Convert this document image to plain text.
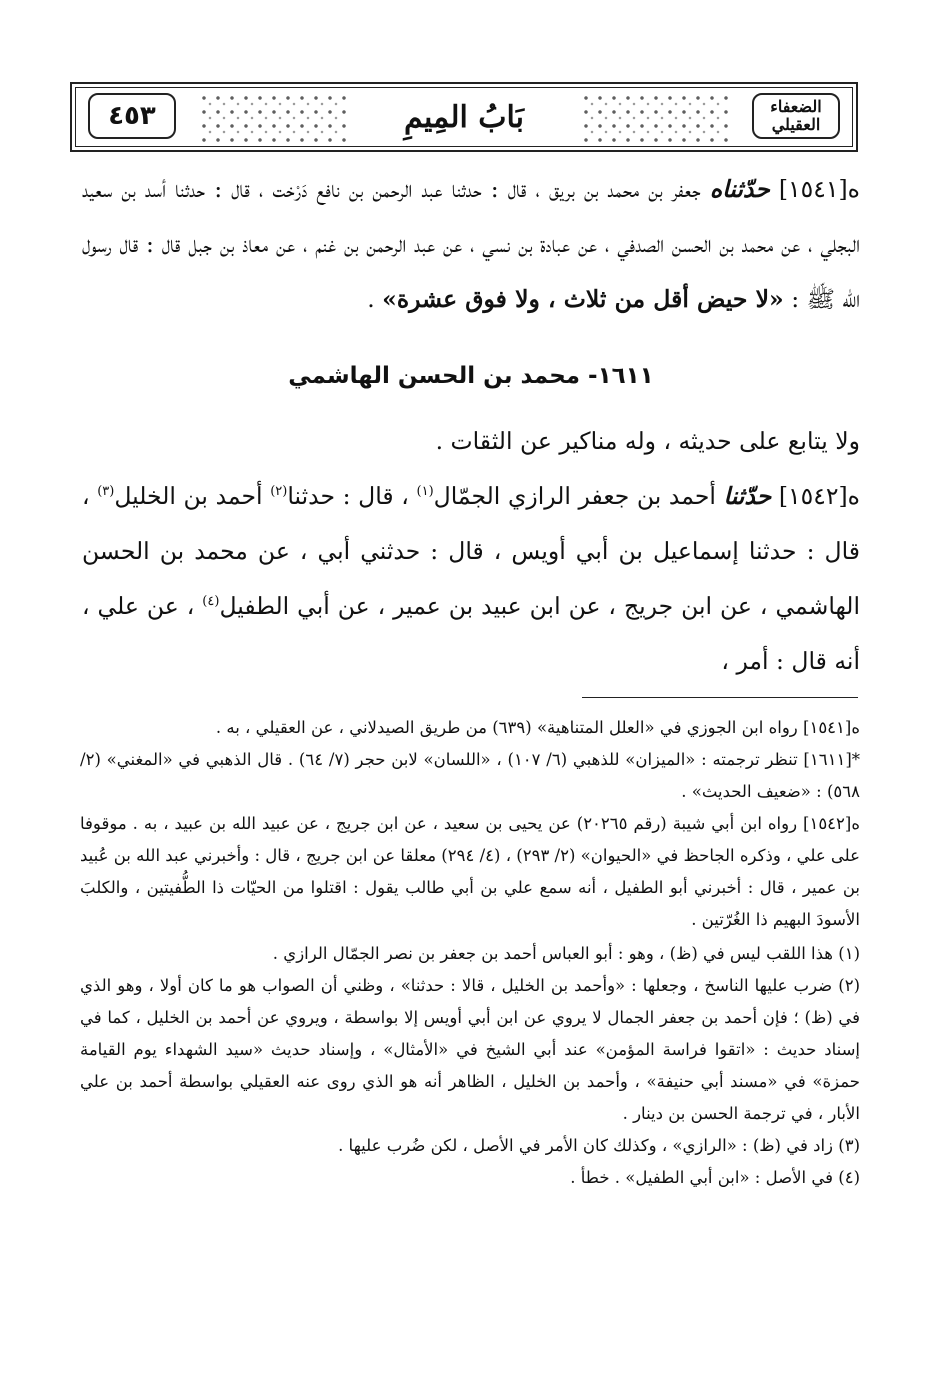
٤٥٣	بَابُ المِيمِ	الضعفاء العقيلي

ه[١٥٤١] حدّثناه جعفر بن محمد بن بريق ، قال : حدثنا عبد الرحمن بن نافع دَرْخت ، قال : حدثنا أسد بن سعيد البجلي ، عن محمد بن الحسن الصدفي ، عن عبادة بن نسي ، عن عبد الرحمن بن غنم ، عن معاذ بن جبل قال : قال رسول الله ﷺ : «لا حيض أقل من ثلاث ، ولا فوق عشرة» .

١٦١١- محمد بن الحسن الهاشمي

ولا يتابع على حديثه ، وله مناكير عن الثقات .

ه[١٥٤٢] حدّثنا أحمد بن جعفر الرازي الجمّال$^{(١)}$ ، قال : حدثنا$^{(٢)}$ أحمد بن الخليل$^{(٣)}$ ، قال : حدثنا إسماعيل بن أبي أويس ، قال : حدثني أبي ، عن محمد بن الحسن الهاشمي ، عن ابن جريج ، عن ابن عبيد بن عمير ، عن أبي الطفيل$^{(٤)}$ ، عن علي ، أنه قال : أمر ،

ه[١٥٤١] رواه ابن الجوزي في «العلل المتناهية» (٦٣٩) من طريق الصيدلاني ، عن العقيلي ، به .

*[١٦١١] تنظر ترجمته : «الميزان» للذهبي (٦/ ١٠٧) ، «اللسان» لابن حجر (٧/ ٦٤) . قال الذهبي في «المغني» (٢/ ٥٦٨) : «ضعيف الحديث» .

ه[١٥٤٢] رواه ابن أبي شيبة (رقم ٢٠٢٦٥) عن يحيى بن سعيد ، عن ابن جريج ، عن عبيد الله بن عبيد ، به . موقوفا على علي ، وذكره الجاحظ في «الحيوان» (٢/ ٢٩٣) ، (٤/ ٢٩٤) معلقا عن ابن جريج ، قال : وأخبرني عبد الله بن عُبيد بن عمير ، قال : أخبرني أبو الطفيل ، أنه سمع علي بن أبي طالب يقول : اقتلوا من الحيّات ذا الطُّفيتين ، والكلبَ الأسودَ البهيم ذا الغُرّتين .

(١) هذا اللقب ليس في (ظ) ، وهو : أبو العباس أحمد بن جعفر بن نصر الجمّال الرازي .

(٢) ضرب عليها الناسخ ، وجعلها : «وأحمد بن الخليل ، قالا : حدثنا» ، وظني أن الصواب هو ما كان أولا ، وهو الذي في (ظ) ؛ فإن أحمد بن جعفر الجمال لا يروي عن ابن أبي أويس إلا بواسطة ، ويروي عن أحمد بن الخليل ، كما في إسناد حديث : «اتقوا فراسة المؤمن» عند أبي الشيخ في «الأمثال» ، وإسناد حديث «سيد الشهداء يوم القيامة حمزة» في «مسند أبي حنيفة» ، وأحمد بن الخليل ، الظاهر أنه هو الذي روى عنه العقيلي بواسطة أحمد بن علي الأبار ، في ترجمة الحسن بن دينار .

(٣) زاد في (ظ) : «الرازي» ، وكذلك كان الأمر في الأصل ، لكن ضُرب عليها .

(٤) في الأصل : «ابن أبي الطفيل» . خطأ .
